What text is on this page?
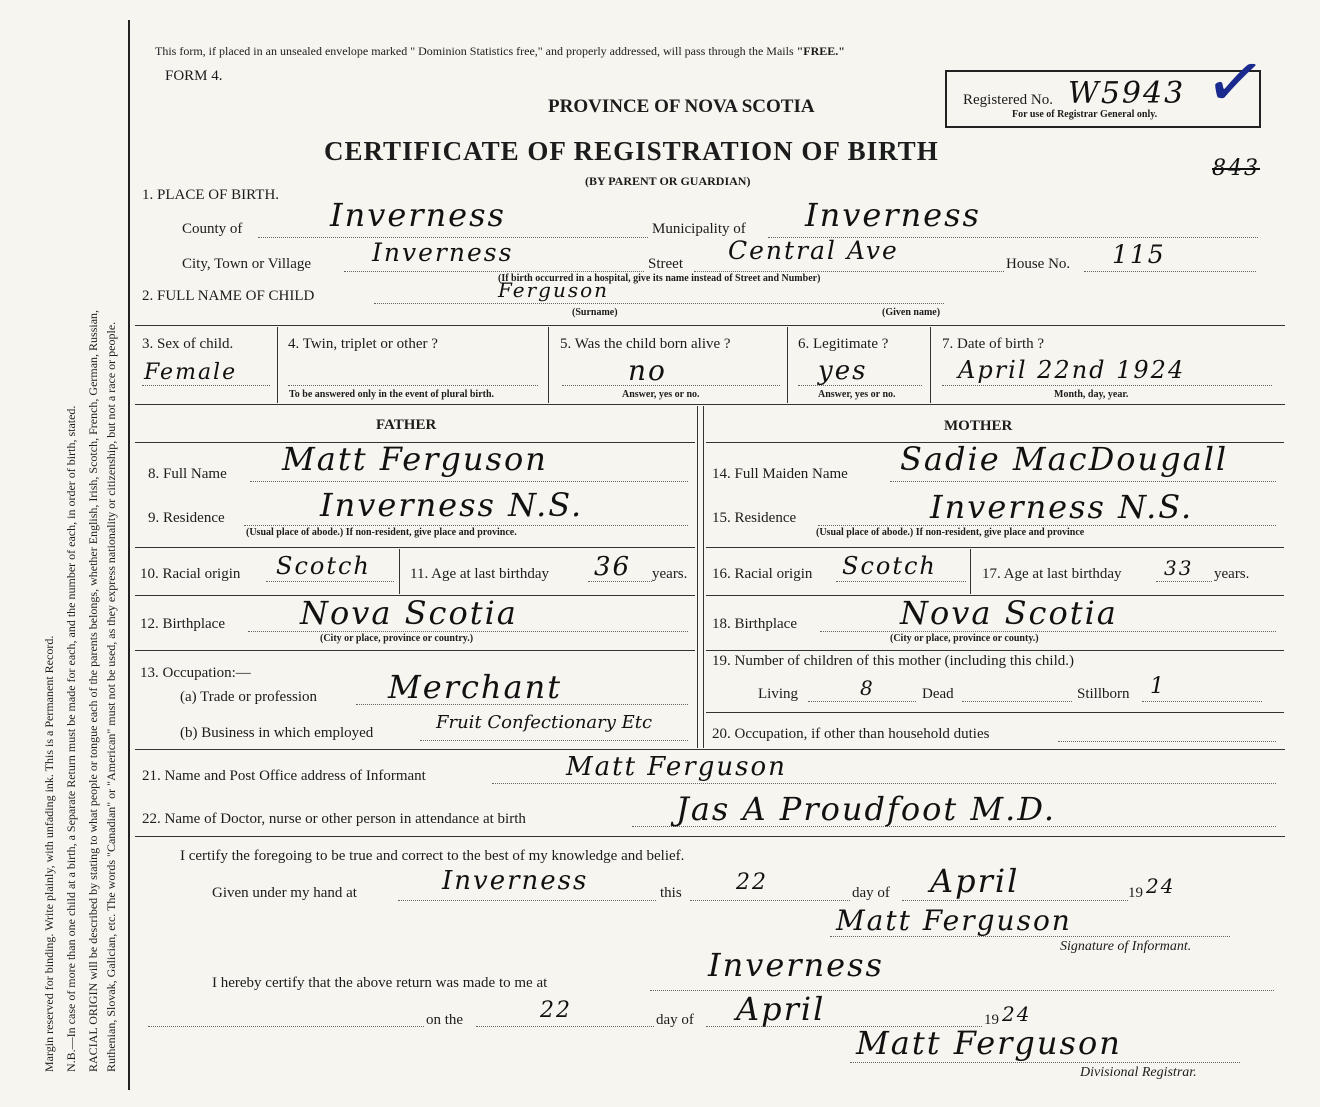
Margin reserved for binding. Write plainly, with unfading ink. This is a Permanent Record. N.B.—In case of more than one child at a birth, a Separate Return must be made for each, and the number of each, in order of birth, stated. RACIAL ORIGIN will be described by stating to what people or tongue each of the parents belongs, whether English, Irish, Scotch, French, German, Russian, Ruthenian, Slovak, Galician, etc. The words "Canadian" or "American" must not be used, as they express nationality or citizenship, but not a race or people.
This form, if placed in an unsealed envelope marked " Dominion Statistics free," and properly addressed, will pass through the Mails "FREE."
FORM 4.
PROVINCE OF NOVA SCOTIA
CERTIFICATE OF REGISTRATION OF BIRTH
(BY PARENT OR GUARDIAN)
Registered No. W5943
For use of Registrar General only. ✓
843
1. PLACE OF BIRTH.
County of	Inverness	Municipality of Inverness
City, Town or Village Inverness	Street Central Ave	House No. 115
(If birth occurred in a hospital, give its name instead of Street and Number)
2. FULL NAME OF CHILD	Ferguson
(Surname)	(Given name)
3. Sex of child.
Female
4. Twin, triplet or other ?
To be answered only in the event of plural birth.
5. Was the child born alive ?
no
Answer, yes or no.
6. Legitimate ?
yes
Answer, yes or no.
7. Date of birth ?
April 22nd 1924
Month, day, year.
FATHER	MOTHER
8. Full Name Matt Ferguson	14. Full Maiden Name Sadie MacDougall
9. Residence	Inverness N.S.
(Usual place of abode.) If non-resident, give place and province.
15. Residence	Inverness N.S.
(Usual place of abode.) If non-resident, give place and province
10. Racial origin Scotch	11. Age at last birthday 36 years. 16. Racial origin Scotch	17. Age at last birthday 33 years.
12. Birthplace Nova Scotia
(City or place, province or country.)
18. Birthplace	Nova Scotia
(City or place, province or county.)
13. Occupation:—
(a) Trade or profession Merchant
(b) Business in which employed	Fruit Confectionary Etc
19. Number of children of this mother (including this child.)
Living	8	Dead	Stillborn 1
20. Occupation, if other than household duties
21. Name and Post Office address of Informant	Matt Ferguson
22. Name of Doctor, nurse or other person in attendance at birth	Jas A Proudfoot M.D.
I certify the foregoing to be true and correct to the best of my knowledge and belief.
Given under my hand at	Inverness	this 22	day of April	19 24
Matt Ferguson
Signature of Informant.
I hereby certify that the above return was made to me at	Inverness
on the	22	day of April	19 24
Matt Ferguson
Divisional Registrar.
